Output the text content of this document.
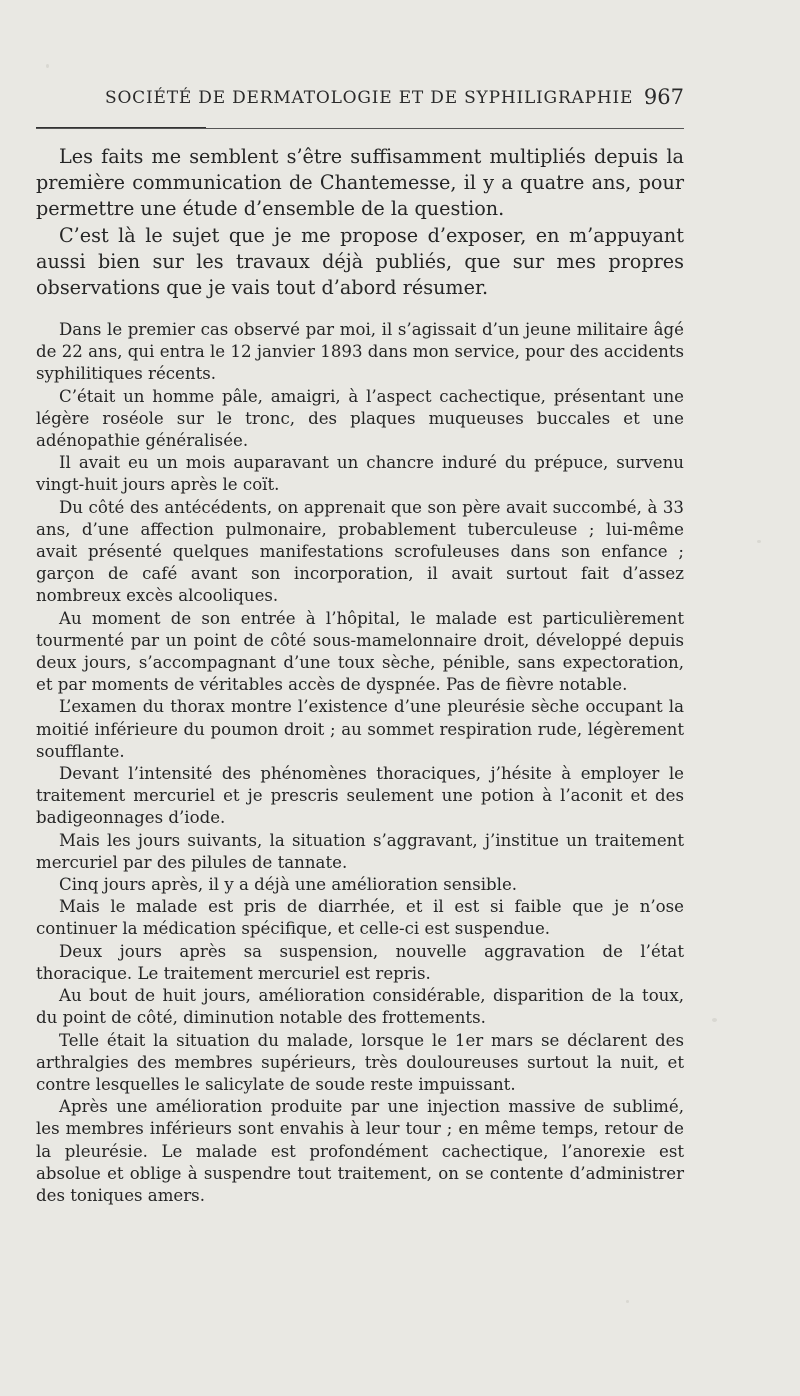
SOCIÉTÉ DE DERMATOLOGIE ET DE SYPHILIGRAPHIE 967

Les faits me semblent s’être suffisamment multipliés depuis la première communication de Chantemesse, il y a quatre ans, pour permettre une étude d’ensemble de la question.

C’est là le sujet que je me propose d’exposer, en m’appuyant aussi bien sur les travaux déjà publiés, que sur mes propres observations que je vais tout d’abord résumer.

Dans le premier cas observé par moi, il s’agissait d’un jeune militaire âgé de 22 ans, qui entra le 12 janvier 1893 dans mon service, pour des accidents syphilitiques récents.

C’était un homme pâle, amaigri, à l’aspect cachectique, présentant une légère roséole sur le tronc, des plaques muqueuses buccales et une adénopathie généralisée.

Il avait eu un mois auparavant un chancre induré du prépuce, survenu vingt-huit jours après le coït.

Du côté des antécédents, on apprenait que son père avait succombé, à 33 ans, d’une affection pulmonaire, probablement tuberculeuse ; lui-même avait présenté quelques manifestations scrofuleuses dans son enfance ; garçon de café avant son incorporation, il avait surtout fait d’assez nombreux excès alcooliques.

Au moment de son entrée à l’hôpital, le malade est particulièrement tourmenté par un point de côté sous-mamelonnaire droit, développé depuis deux jours, s’accompagnant d’une toux sèche, pénible, sans expectoration, et par moments de véritables accès de dyspnée. Pas de fièvre notable.

L’examen du thorax montre l’existence d’une pleurésie sèche occupant la moitié inférieure du poumon droit ; au sommet respiration rude, légèrement soufflante.

Devant l’intensité des phénomènes thoraciques, j’hésite à employer le traitement mercuriel et je prescris seulement une potion à l’aconit et des badigeonnages d’iode.

Mais les jours suivants, la situation s’aggravant, j’institue un traitement mercuriel par des pilules de tannate.

Cinq jours après, il y a déjà une amélioration sensible.

Mais le malade est pris de diarrhée, et il est si faible que je n’ose continuer la médication spécifique, et celle-ci est suspendue.

Deux jours après sa suspension, nouvelle aggravation de l’état thoracique. Le traitement mercuriel est repris.

Au bout de huit jours, amélioration considérable, disparition de la toux, du point de côté, diminution notable des frottements.

Telle était la situation du malade, lorsque le 1er mars se déclarent des arthralgies des membres supérieurs, très douloureuses surtout la nuit, et contre lesquelles le salicylate de soude reste impuissant.

Après une amélioration produite par une injection massive de sublimé, les membres inférieurs sont envahis à leur tour ; en même temps, retour de la pleurésie. Le malade est profondément cachectique, l’anorexie est absolue et oblige à suspendre tout traitement, on se contente d’administrer des toniques amers.
